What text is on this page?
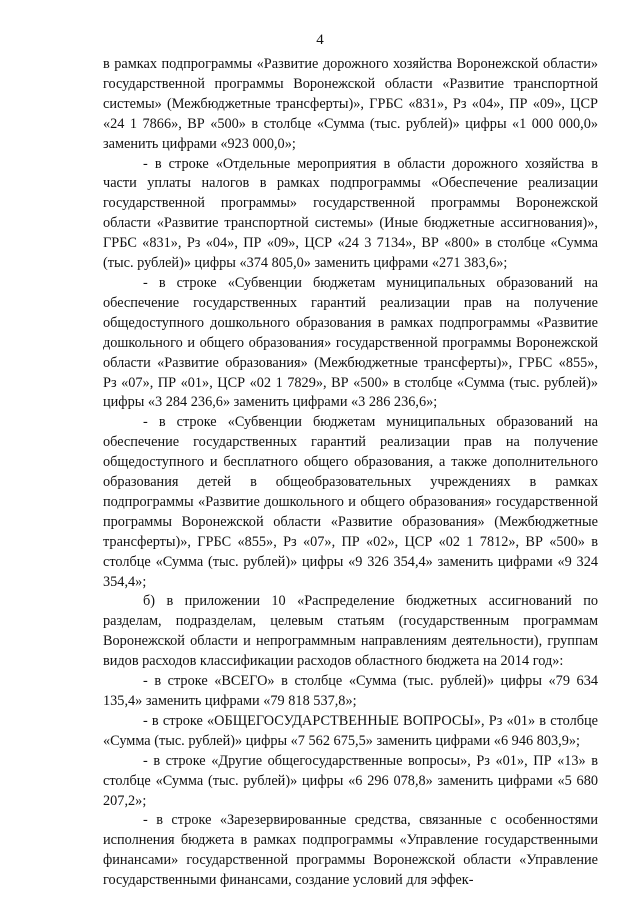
4

в рамках подпрограммы «Развитие дорожного хозяйства Воронежской области» государственной программы Воронежской области «Развитие транспортной системы» (Межбюджетные трансферты)», ГРБС «831», Рз «04», ПР «09», ЦСР «24 1 7866», ВР «500» в столбце «Сумма (тыс. рублей)» цифры «1 000 000,0» заменить цифрами «923 000,0»;

- в строке «Отдельные мероприятия в области дорожного хозяйства в части уплаты налогов в рамках подпрограммы «Обеспечение реализации государственной программы» государственной программы Воронежской области «Развитие транспортной системы» (Иные бюджетные ассигнования)», ГРБС «831», Рз «04», ПР «09», ЦСР «24 3 7134», ВР «800» в столбце «Сумма (тыс. рублей)» цифры «374 805,0» заменить цифрами «271 383,6»;

- в строке «Субвенции бюджетам муниципальных образований на обеспечение государственных гарантий реализации прав на получение общедоступного дошкольного образования в рамках подпрограммы «Развитие дошкольного и общего образования» государственной программы Воронежской области «Развитие образования» (Межбюджетные трансферты)», ГРБС «855», Рз «07», ПР «01», ЦСР «02 1 7829», ВР «500» в столбце «Сумма (тыс. рублей)» цифры «3 284 236,6» заменить цифрами «3 286 236,6»;

- в строке «Субвенции бюджетам муниципальных образований на обеспечение государственных гарантий реализации прав на получение общедоступного и бесплатного общего образования, а также дополнительного образования детей в общеобразовательных учреждениях в рамках подпрограммы «Развитие дошкольного и общего образования» государственной программы Воронежской области «Развитие образования» (Межбюджетные трансферты)», ГРБС «855», Рз «07», ПР «02», ЦСР «02 1 7812», ВР «500» в столбце «Сумма (тыс. рублей)» цифры «9 326 354,4» заменить цифрами «9 324 354,4»;

б) в приложении 10 «Распределение бюджетных ассигнований по разделам, подразделам, целевым статьям (государственным программам Воронежской области и непрограммным направлениям деятельности), группам видов расходов классификации расходов областного бюджета на 2014 год»:

- в строке «ВСЕГО» в столбце «Сумма (тыс. рублей)» цифры «79 634 135,4» заменить цифрами «79 818 537,8»;

- в строке «ОБЩЕГОСУДАРСТВЕННЫЕ ВОПРОСЫ», Рз «01» в столбце «Сумма (тыс. рублей)» цифры «7 562 675,5» заменить цифрами «6 946 803,9»;

- в строке «Другие общегосударственные вопросы», Рз «01», ПР «13» в столбце «Сумма (тыс. рублей)» цифры «6 296 078,8» заменить цифрами «5 680 207,2»;

- в строке «Зарезервированные средства, связанные с особенностями исполнения бюджета в рамках подпрограммы «Управление государственными финансами» государственной программы Воронежской области «Управление государственными финансами, создание условий для эффек-
